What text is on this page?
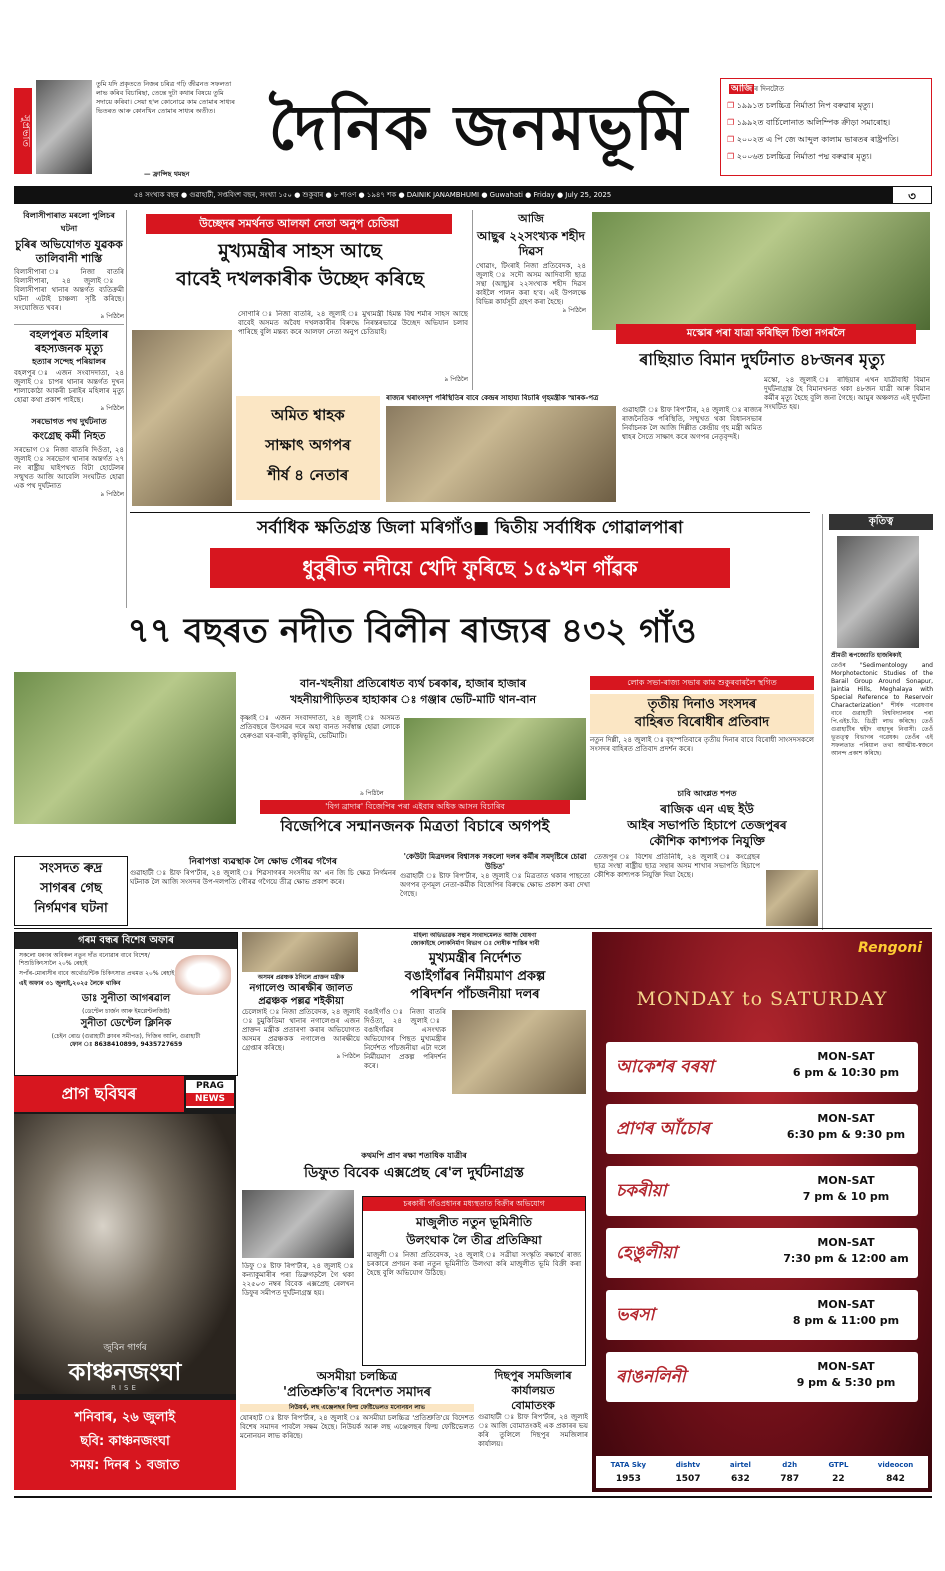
সুপ্ৰভাত
তুমি যদি প্ৰকৃততে নিজৰ চৰিত্ৰ গঢ়ি জীৱনত সফলতা লাভ কৰিব বিচাৰিছা, তেন্তে দুটা কথাৰ বিষয়ে তুমি সদায়ে কৰিবা। সেয়া হ'ল কোনোৱে কাম তোমাৰ সাধ্যৰ ভিতৰত আৰু কোনখিন তোমাৰ সাধ্যৰ অতীত।
— ফ্ৰান্সিছ থমছন
দৈনিক জনমভূমি
আজি ৰ দিনটোত
❐ ১৯৯১ত চলচ্চিত্ৰ নিৰ্মাতা নিপ বৰুৱাৰ মৃত্যু।
❐ ১৯৯২ত বাৰ্চিলোনাত অলিম্পিক ক্ৰীড়া সমাৰোহ।
❐ ২০০২ত এ পি জে আব্দুল কালাম ভাৰতৰ ৰাষ্ট্ৰপতি।
❐ ২০০৬ত চলচ্চিত্ৰ নিৰ্মাতা পদ্ম বৰুৱাৰ মৃত্যু।
৫৪ সংখ্যক বছৰ ● গুৱাহাটী, সপ্তবিংশ বছৰ, সংখ্যা ১৫০ ● শুকুবাৰ ● ৮ শাওণ ● ১৯৪৭ শক ● DAINIK JANAMBHUMI ● Guwahati ● Friday ● July 25, 2025	৩
বিলাসীপাৰাত মৰলো পুলিচৰ ঘটনা
চুৰিৰ অভিযোগত যুৱকক তালিবানী শাস্তি
বিলাসীপাৰা ঃ নিজা বাতৰি বিলাসীপাৰা, ২৪ জুলাই ঃ বিলাসীপাৰা থানাৰ অন্তৰ্গত ব্যতিক্ৰমী ঘটনা এটাই চাঞ্চল্য সৃষ্টি কৰিছে। সংযোজিত খবৰ।
৯ পিঠিলৈ
বহলপুৰত মহিলাৰ ৰহস্যজনক মৃত্যু
হত্যাৰ সন্দেহ পৰিয়ালৰ
বহলপুৰ ঃ এজন সংবাদদাতা, ২৪ জুলাই ঃ চাপৰ থানাৰ অন্তৰ্গত দুখন শালাকোঠা আকৰী চৰাইৰ মহিলাৰ মৃত্যু হোৱা কথা প্ৰকাশ পাইছে।
৯ পিঠিলৈ
সৰভোগত পথ দুৰ্ঘটনাত
কংগ্ৰেছ কৰ্মী নিহত
সৰভোগ ঃ নিজা বাতৰি দিওঁতা, ২৪ জুলাই ঃ সৰভোগ থানাৰ অন্তৰ্গত ২৭ নং ৰাষ্ট্ৰীয় ঘাইপথত বিটা হোটেলৰ সন্মুখত আজি আবেলি সংঘটিত হোৱা এক পথ দুৰ্ঘটনাত
৯ পিঠিলৈ
উচ্ছেদৰ সমৰ্থনত আলফা নেতা অনুপ চেতিয়া
মুখ্যমন্ত্ৰীৰ সাহস আছে
বাবেই দখলকাৰীক উচ্ছেদ কৰিছে
সোণাৰি ঃ নিজা বাতৰি, ২৪ জুলাই ঃ মুখ্যমন্ত্ৰী হিমন্ত বিশ্ব শৰ্মাৰ সাহস আছে বাবেই অসমত অবৈধ দখলকাৰীৰ বিৰুদ্ধে নিৰন্তৰভাৱে উচ্ছেদ অভিযান চলাব পাৰিছে বুলি মন্তব্য কৰে আলফা নেতা অনুপ চেতিয়াই।
৯ পিঠিলৈ
আজি
আছুৰ ২২সংখ্যক শহীদ দিৱস
খোৱাং, টিংৰাই নিজা প্ৰতিবেদক, ২৪ জুলাই ঃ সদৌ অসম আদিবাসী ছাত্ৰ সন্থা (আছু)ৰ ২২সংখ্যক শহীদ দিৱস কাইলৈ পালন কৰা হ'ব। এই উপলক্ষে বিভিন্ন কাৰ্যসূচী গ্ৰহণ কৰা হৈছে।
৯ পিঠিলৈ
মস্কোৰ পৰা যাত্ৰা কৰিছিল চিণ্ডা নগৰলৈ
ৰাছিয়াত বিমান দুৰ্ঘটনাত ৪৮জনৰ মৃত্যু
মস্কো, ২৪ জুলাই ঃ ৰাছিয়াৰ এখন যাত্ৰীবাহী বিমান দুৰ্ঘটনাগ্ৰস্ত হৈ বিমানখনত থকা ৪৮জন যাত্ৰী আৰু বিমান কৰ্মীৰ মৃত্যু হৈছে বুলি জনা গৈছে। আমুৰ অঞ্চলত এই দুৰ্ঘটনা সংঘটিত হয়।
অমিত শ্বাহক
সাক্ষাৎ অগপৰ
শীৰ্ষ ৪ নেতাৰ
ৰাজ্যৰ খৰাংসদৃশ পৰিস্থিতিৰ বাবে কেন্দ্ৰৰ সাহায্য বিচাৰি গৃহমন্ত্ৰীক স্মাৰক-পত্ৰ
গুৱাহাটী ঃ ষ্টাফ ৰিপ'ৰ্টাৰ, ২৪ জুলাই ঃ ৰাজ্যৰ ৰাজনৈতিক পৰিস্থিতি, সন্মুখত থকা বিধানসভাৰ নিৰ্বাচনক লৈ আজি দিল্লীত কেন্দ্ৰীয় গৃহ মন্ত্ৰী অমিত শ্বাহৰ সৈতে সাক্ষাৎ কৰে অগপৰ নেতৃবৃন্দই।
সৰ্বাধিক ক্ষতিগ্ৰস্ত জিলা মৰিগাঁও■ দ্বিতীয় সৰ্বাধিক গোৱালপাৰা
ধুবুৰীত নদীয়ে খেদি ফুৰিছে ১৫৯খন গাঁৱক
৭৭ বছৰত নদীত বিলীন ৰাজ্যৰ ৪৩২ গাঁও
বান-খহনীয়া প্ৰতিৰোধত ব্যৰ্থ চৰকাৰ, হাজাৰ হাজাৰ
খহনীয়াপীড়িতৰ হাহাকাৰ ঃ গঞ্জাৰ ভেটি-মাটি থান-বান
কৃষ্ণাই ঃ এজন সংবাদদাতা, ২৪ জুলাই ঃ অসমত প্ৰতিবছৰে উৎসৱৰ দৰে অহা বানত সৰ্বস্বান্ত হোৱা লোকে হেৰুওৱা ঘৰ-বাৰী, কৃষিভূমি, ভেটিমাটি।
৯ পিঠিলৈ
লোক সভা-ৰাজ্য সভাৰ কাম শুকুৰবাৰলৈ স্থগিত
তৃতীয় দিনাও সংসদৰ
বাহিৰত বিৰোধীৰ প্ৰতিবাদ
নতুন দিল্লী, ২৪ জুলাই ঃ বৃহস্পতিবাৰে তৃতীয় দিনাৰ বাবে বিৰোধী সাংসদসকলে সংসদৰ বাহিৰত প্ৰতিবাদ প্ৰদৰ্শন কৰে।
'বিগ ব্ৰাদাৰ' বিজেপিৰ পৰা এইবাৰ অধিক আসন বিচাৰিব
বিজেপিৰে সন্মানজনক মিত্ৰতা বিচাৰে অগপই
'কেউটা মিত্ৰদলৰ বিশ্বাসক সকলো দলৰ কৰ্মীৰ সমদৃষ্টিৰে চোৱা উচিত'
গুৱাহাটী ঃ ষ্টাফ ৰিপ'ৰ্টাৰ, ২৪ জুলাই ঃ মিত্ৰতাত থকাৰ পাছতো অগপৰ তৃণমূল নেতা-কৰ্মীক বিজেপিৰ বিৰুদ্ধে ক্ষোভ প্ৰকাশ কৰা দেখা গৈছে।
চাবি আংশ্লত শপত
ৰাজিক এন এছ ইউ
আইৰ সভাপতি হিচাপে তেজপুৰৰ
কৌশিক কাশ্যপক নিযুক্তি
তেজপুৰ ঃ বিশেষ প্ৰতিনিধি, ২৪ জুলাই ঃ কংগ্ৰেছৰ ছাত্ৰ সংস্থা ৰাষ্ট্ৰীয় ছাত্ৰ সন্থাৰ অসম শাখাৰ সভাপতি হিচাপে কৌশিক কাশ্যপক নিযুক্তি দিয়া হৈছে।
কৃতিত্ব
শ্ৰীমতী ৰূপজ্যোতি হাজৰিকাই
তেওঁৰ "Sedimentology and Morphotectonic Studies of the Barail Group Around Sonapur, Jaintia Hills, Meghalaya with Special Reference to Reservoir Characterization" শীৰ্ষক গৱেষণাৰ বাবে গুৱাহাটী বিশ্ববিদ্যালয়ৰ পৰা পি.এইচ.ডি. ডিগ্ৰী লাভ কৰিছে। তেওঁ গুৱাহাটীৰ শ্বহীদ বাহাদুৰ নিবাসী। তেওঁ ভূতত্ত্ব বিভাগৰ গৱেষক। তেওঁৰ এই সফলতাত পৰিয়াল তথা আত্মীয়-স্বজনে আনন্দ প্ৰকাশ কৰিছে।
সংসদত ৰুদ্ৰ
সাগৰৰ গেছ
নিৰ্গমণৰ ঘটনা
নিৰাপত্তা ব্যৱস্থাক লৈ ক্ষোভ গৌৰৱ গগৈৰ
গুৱাহাটী ঃ ষ্টাফ ৰিপ'ৰ্টাৰ, ২৪ জুলাই ঃ শিৱসাগৰৰ সংসদীয় অ' এন জি চি ক্ষেত্ৰ নিৰ্গমনৰ ঘটনাক লৈ আজি সংসদৰ উপ-দলপতি গৌৰৱ গগৈয়ে তীব্ৰ ক্ষোভ প্ৰকাশ কৰে।
গৰম বন্ধৰ বিশেষ অফাৰ
সকলো ধৰণৰ অবিকল নতুন দাঁত বনোৱাৰ বাবে বিশেষ/শিশুচিকিৎসালৈ ২০% ৰেহাই
সপাঁৰ-মোৰাসীৰ বাবে অৰ্থোডন্টিক চিকিৎসাত প্ৰথমত ২০% ৰেহাই
এই অফাৰ ৩১ জুলাই,২০২৫ লৈকে থাকিব
ডাঃ সুনীতা আগৰৱাল
(ডেণ্টেল চাৰ্জন আৰু ইমপ্লেণ্টলজিষ্ট)
সুনীতা ডেণ্টেল ক্লিনিক
(চেইন ৰোড (গুৱাহাটী ক্লাবৰ সমীপত), দিজিৰ আলি, গুৱাহাটী
ফোন ঃ 8638410899, 9435727659
প্ৰাগ ছবিঘৰ	PRAG
NEWS
জুবিন গাৰ্গৰ
কাঞ্চনজংঘা
RISE
শনিবাৰ, ২৬ জুলাই
ছবি: কাঞ্চনজংঘা
সময়: দিনৰ ১ বজাত
অসমৰ প্ৰৱঞ্চক ঠগিলে প্ৰাক্তন মন্ত্ৰীক
নগালেণ্ড আৰক্ষীৰ জালত প্ৰৱঞ্চক পল্লৱ শইকীয়া
চেলেঙ্গাই ঃ নিজা প্ৰতিবেদক, ২৪ জুলাই ঃ চুমুকিডিমা থানাৰ নগালেণ্ডৰ এজন প্ৰাক্তন মন্ত্ৰীক প্ৰতাৰণা কৰাৰ অভিযোগত অসমৰ প্ৰৱঞ্চকক নগালেণ্ড আৰক্ষীয়ে গ্ৰেপ্তাৰ কৰিছে।
৯ পিঠিলৈ
মহিলা অভিভাৱক সন্থাৰ সংবাদমেলত আজি ঘোষণা
জোকাইছে লোকনিৰ্মাণ বিভাগ ঃ দোষীক শাস্তিৰ দাবী
মুখ্যমন্ত্ৰীৰ নিৰ্দেশত
বঙাইগাঁৱৰ নিৰ্মীয়মাণ প্ৰকল্প
পৰিদৰ্শন পাঁচজনীয়া দলৰ
বঙাইগাঁও ঃ নিজা বাতৰি দিওঁতা, ২৪ জুলাই ঃ বঙাইগাঁৱৰ এসংখ্যক অভিযোগৰ পিছত মুখ্যমন্ত্ৰীৰ নিৰ্দেশত পাঁচজনীয়া এটা দলে নিৰ্মীয়মাণ প্ৰকল্প পৰিদৰ্শন কৰে।
কথমপি প্ৰাণ ৰক্ষা শতাধিক যাত্ৰীৰ
ডিফুত বিবেক এক্সপ্ৰেছ ৰে'ল দুৰ্ঘটনাগ্ৰস্ত
ডিফু ঃ ষ্টাফ ৰিপ'ৰ্টাৰ, ২৪ জুলাই ঃ কন্যাকুমাৰীৰ পৰা ডিব্ৰুগড়লৈ গৈ থকা ২২৫০৩ নম্বৰ বিবেক এক্সপ্ৰেছ ৰেলখন ডিফুৰ সমীপত দুৰ্ঘটনাগ্ৰস্ত হয়।
চৰকাৰী গাঁওপ্ৰধানৰ মধ্যস্থতাত বিক্ৰীৰ অভিযোগ
মাজুলীত নতুন ভূমিনীতি
উলংঘাক লৈ তীব্ৰ প্ৰতিক্ৰিয়া
মাজুলী ঃ নিজা প্ৰতিবেদক, ২৪ জুলাই ঃ সত্ৰীয়া সংস্কৃতি ৰক্ষাৰ্থে ৰাজ্য চৰকাৰে প্ৰণয়ন কৰা নতুন ভূমিনীতি উলংঘা কৰি মাজুলীত ভূমি বিক্ৰী কৰা হৈছে বুলি অভিযোগ উঠিছে।
অসমীয়া চলচ্চিত্ৰ
'প্ৰতিশ্ৰুতি'ৰ বিদেশত সমাদৰ
নিউয়ৰ্ক, লছ এঞ্জেলছৰ ফিল্ম ফেষ্টিভেলত মনোনয়ন লাভ
যোৰহাট ঃ ষ্টাফ ৰিপ'ৰ্টাৰ, ২৪ জুলাই ঃ অসমীয়া চলচ্চিত্ৰ 'প্ৰতিশ্ৰুতি'য়ে বিদেশত বিশেষ সমাদৰ পাবলৈ সক্ষম হৈছে। নিউয়ৰ্ক আৰু লছ এঞ্জেলছৰ ফিল্ম ফেষ্টিভেলত মনোনয়ন লাভ কৰিছে।
দিছপুৰ সমজিলাৰ
কাৰ্যালয়ত
বোমাতংক
গুৱাহাটী ঃ ষ্টাফ ৰিপ'ৰ্টাৰ, ২৪ জুলাই ঃ আজি বোমাতংকই এক প্ৰকাৰৰ ভয় কৰি তুলিলে দিছপুৰ সমজিলাৰ কাৰ্যালয়।
Rengoni
MONDAY to SATURDAY
আকেশৰ বৰষা
MON-SAT
6 pm & 10:30 pm
প্ৰাণৰ আঁচোৰ
MON-SAT
6:30 pm & 9:30 pm
চকৰীয়া
MON-SAT
7 pm & 10 pm
হেঙুলীয়া
MON-SAT
7:30 pm & 12:00 am
ভৰসা
MON-SAT
8 pm & 11:00 pm
ৰাঙনলিনী
MON-SAT
9 pm & 5:30 pm
TATA Sky
1953
dishtv
1507
airtel
632
d2h
787
GTPL
22
videocon
842
